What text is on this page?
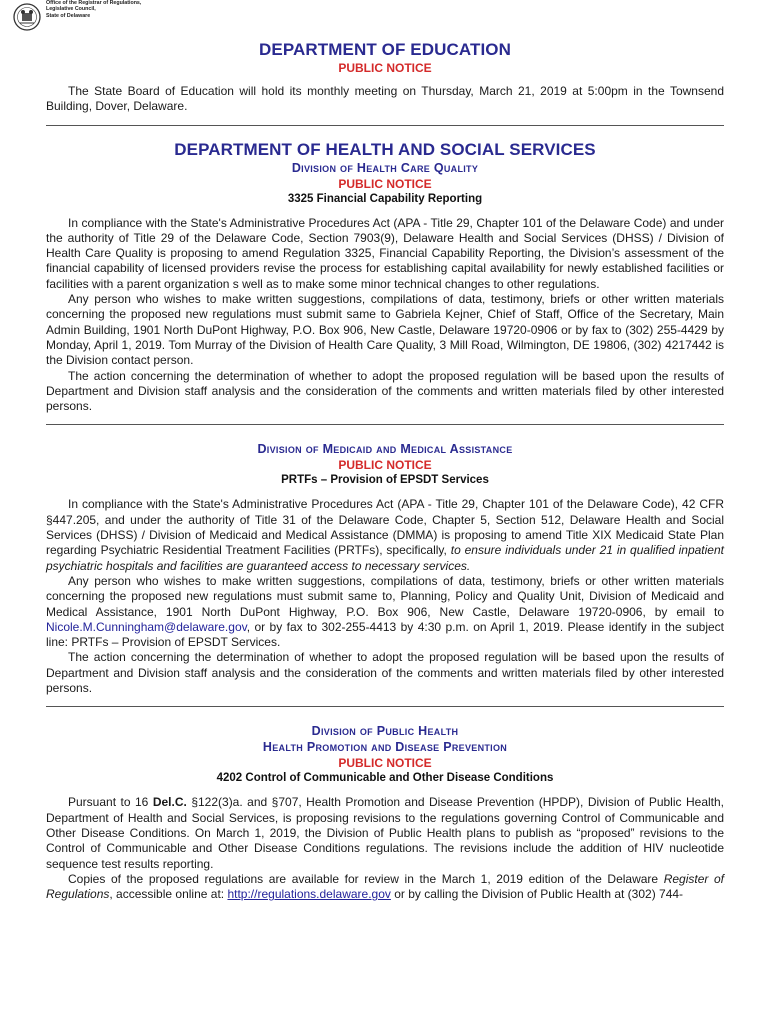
Office of the Registrar of Regulations,
Legislative Council,
State of Delaware
DEPARTMENT OF EDUCATION
PUBLIC NOTICE

The State Board of Education will hold its monthly meeting on Thursday, March 21, 2019 at 5:00pm in the Townsend Building, Dover, Delaware.

DEPARTMENT OF HEALTH AND SOCIAL SERVICES
Division of Health Care Quality
PUBLIC NOTICE
3325 Financial Capability Reporting

In compliance with the State's Administrative Procedures Act (APA - Title 29, Chapter 101 of the Delaware Code) and under the authority of Title 29 of the Delaware Code, Section 7903(9), Delaware Health and Social Services (DHSS) / Division of Health Care Quality is proposing to amend Regulation 3325, Financial Capability Reporting, the Division’s assessment of the financial capability of licensed providers revise the process for establishing capital availability for newly established facilities or facilities with a parent organization s well as to make some minor technical changes to other regulations.

Any person who wishes to make written suggestions, compilations of data, testimony, briefs or other written materials concerning the proposed new regulations must submit same to Gabriela Kejner, Chief of Staff, Office of the Secretary, Main Admin Building, 1901 North DuPont Highway, P.O. Box 906, New Castle, Delaware 19720-0906 or by fax to (302) 255-4429 by Monday, April 1, 2019. Tom Murray of the Division of Health Care Quality, 3 Mill Road, Wilmington, DE 19806, (302) 4217442 is the Division contact person.

The action concerning the determination of whether to adopt the proposed regulation will be based upon the results of Department and Division staff analysis and the consideration of the comments and written materials filed by other interested persons.

Division of Medicaid and Medical Assistance
PUBLIC NOTICE
PRTFs – Provision of EPSDT Services

In compliance with the State's Administrative Procedures Act (APA - Title 29, Chapter 101 of the Delaware Code), 42 CFR §447.205, and under the authority of Title 31 of the Delaware Code, Chapter 5, Section 512, Delaware Health and Social Services (DHSS) / Division of Medicaid and Medical Assistance (DMMA) is proposing to amend Title XIX Medicaid State Plan regarding Psychiatric Residential Treatment Facilities (PRTFs), specifically, to ensure individuals under 21 in qualified inpatient psychiatric hospitals and facilities are guaranteed access to necessary services.

Any person who wishes to make written suggestions, compilations of data, testimony, briefs or other written materials concerning the proposed new regulations must submit same to, Planning, Policy and Quality Unit, Division of Medicaid and Medical Assistance, 1901 North DuPont Highway, P.O. Box 906, New Castle, Delaware 19720-0906, by email to Nicole.M.Cunningham@delaware.gov, or by fax to 302-255-4413 by 4:30 p.m. on April 1, 2019. Please identify in the subject line: PRTFs – Provision of EPSDT Services.

The action concerning the determination of whether to adopt the proposed regulation will be based upon the results of Department and Division staff analysis and the consideration of the comments and written materials filed by other interested persons.

Division of Public Health
Health Promotion and Disease Prevention
PUBLIC NOTICE
4202 Control of Communicable and Other Disease Conditions

Pursuant to 16 Del.C. §122(3)a. and §707, Health Promotion and Disease Prevention (HPDP), Division of Public Health, Department of Health and Social Services, is proposing revisions to the regulations governing Control of Communicable and Other Disease Conditions. On March 1, 2019, the Division of Public Health plans to publish as “proposed” revisions to the Control of Communicable and Other Disease Conditions regulations. The revisions include the addition of HIV nucleotide sequence test results reporting.

Copies of the proposed regulations are available for review in the March 1, 2019 edition of the Delaware Register of Regulations, accessible online at: http://regulations.delaware.gov or by calling the Division of Public Health at (302) 744-
